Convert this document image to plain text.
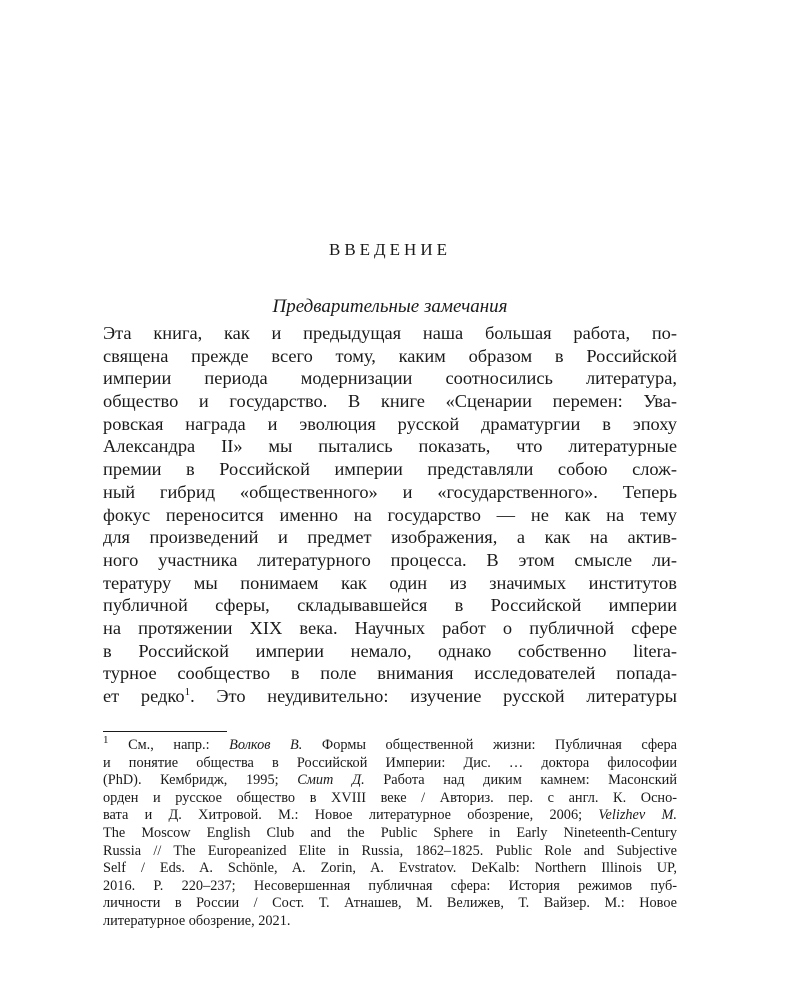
ВВЕДЕНИЕ
Предварительные замечания
Эта книга, как и предыдущая наша большая работа, по-
священа прежде всего тому, каким образом в Российской
империи периода модернизации соотносились литература,
общество и государство. В книге «Сценарии перемен: Ува-
ровская награда и эволюция русской драматургии в эпоху
Александра II» мы пытались показать, что литературные
премии в Российской империи представляли собою слож-
ный гибрид «общественного» и «государственного». Теперь
фокус переносится именно на государство — не как на тему
для произведений и предмет изображения, а как на актив-
ного участника литературного процесса. В этом смысле ли-
тературу мы понимаем как один из значимых институтов
публичной сферы, складывавшейся в Российской империи
на протяжении XIX века. Научных работ о публичной сфере
в Российской империи немало, однако собственно litera-
турное сообщество в поле внимания исследователей попада-
ет редко$^1$. Это неудивительно: изучение русской литературы
$^1$ См., напр.: Волков В. Формы общественной жизни: Публичная сфера
и понятие общества в Российской Империи: Дис. … доктора философии
(PhD). Кембридж, 1995; Смит Д. Работа над диким камнем: Масонский
орден и русское общество в XVIII веке / Авториз. пер. с англ. К. Осно-
вата и Д. Хитровой. М.: Новое литературное обозрение, 2006; Velizhev M.
The Moscow English Club and the Public Sphere in Early Nineteenth-Century
Russia // The Europeanized Elite in Russia, 1862–1825. Public Role and Subjective
Self / Eds. A. Schönle, A. Zorin, A. Evstratov. DeKalb: Northern Illinois UP,
2016. P. 220–237; Несовершенная публичная сфера: История режимов пуб-
личности в России / Сост. Т. Атнашев, М. Велижев, Т. Вайзер. М.: Новое
литературное обозрение, 2021.
